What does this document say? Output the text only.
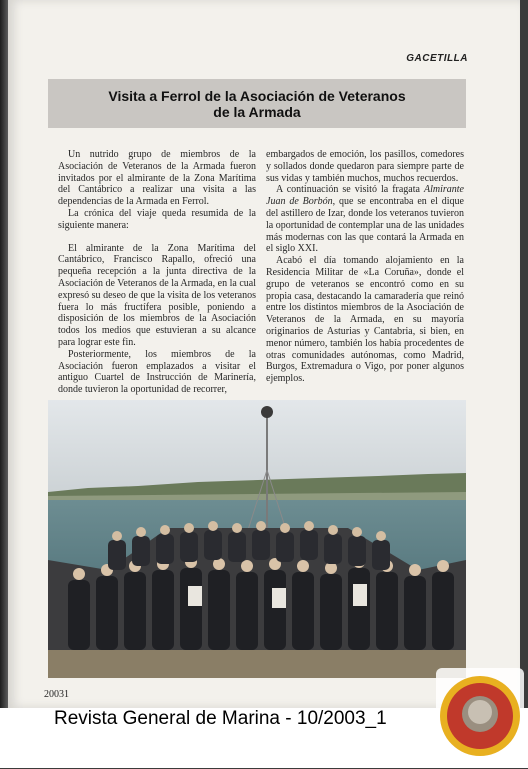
GACETILLA
Visita a Ferrol de la Asociación de Veteranos
de la Armada

Un nutrido grupo de miembros de la Asociación de Veteranos de la Armada fueron invitados por el almirante de la Zona Marítima del Cantábrico a realizar una visita a las dependencias de la Armada en Ferrol.

La crónica del viaje queda resumida de la siguiente manera:

El almirante de la Zona Marítima del Cantábrico, Francisco Rapallo, ofreció una pequeña recepción a la junta directiva de la Asociación de Veteranos de la Armada, en la cual expresó su deseo de que la visita de los veteranos fuera lo más fructífera posible, poniendo a disposición de los miembros de la Asociación todos los medios que estuvieran a su alcance para lograr este fin.

Posteriormente, los miembros de la Asociación fueron emplazados a visitar el antiguo Cuartel de Instrucción de Marinería, donde tuvieron la oportunidad de recorrer,

embargados de emoción, los pasillos, comedores y sollados donde quedaron para siempre parte de sus vidas y también muchos, muchos recuerdos.

A continuación se visitó la fragata Almirante Juan de Borbón, que se encontraba en el dique del astillero de Izar, donde los veteranos tuvieron la oportunidad de contemplar una de las unidades más modernas con las que contará la Armada en el siglo XXI.

Acabó el día tomando alojamiento en la Residencia Militar de «La Coruña», donde el grupo de veteranos se encontró como en su propia casa, destacando la camaradería que reinó entre los distintos miembros de la Asociación de Veteranos de la Armada, en su mayoría originarios de Asturias y Cantabria, si bien, en menor número, también los había procedentes de otras comunidades autónomas, como Madrid, Burgos, Extremadura o Vigo, por poner algunos ejemplos.

20031
Revista General de Marina - 10/2003_1
